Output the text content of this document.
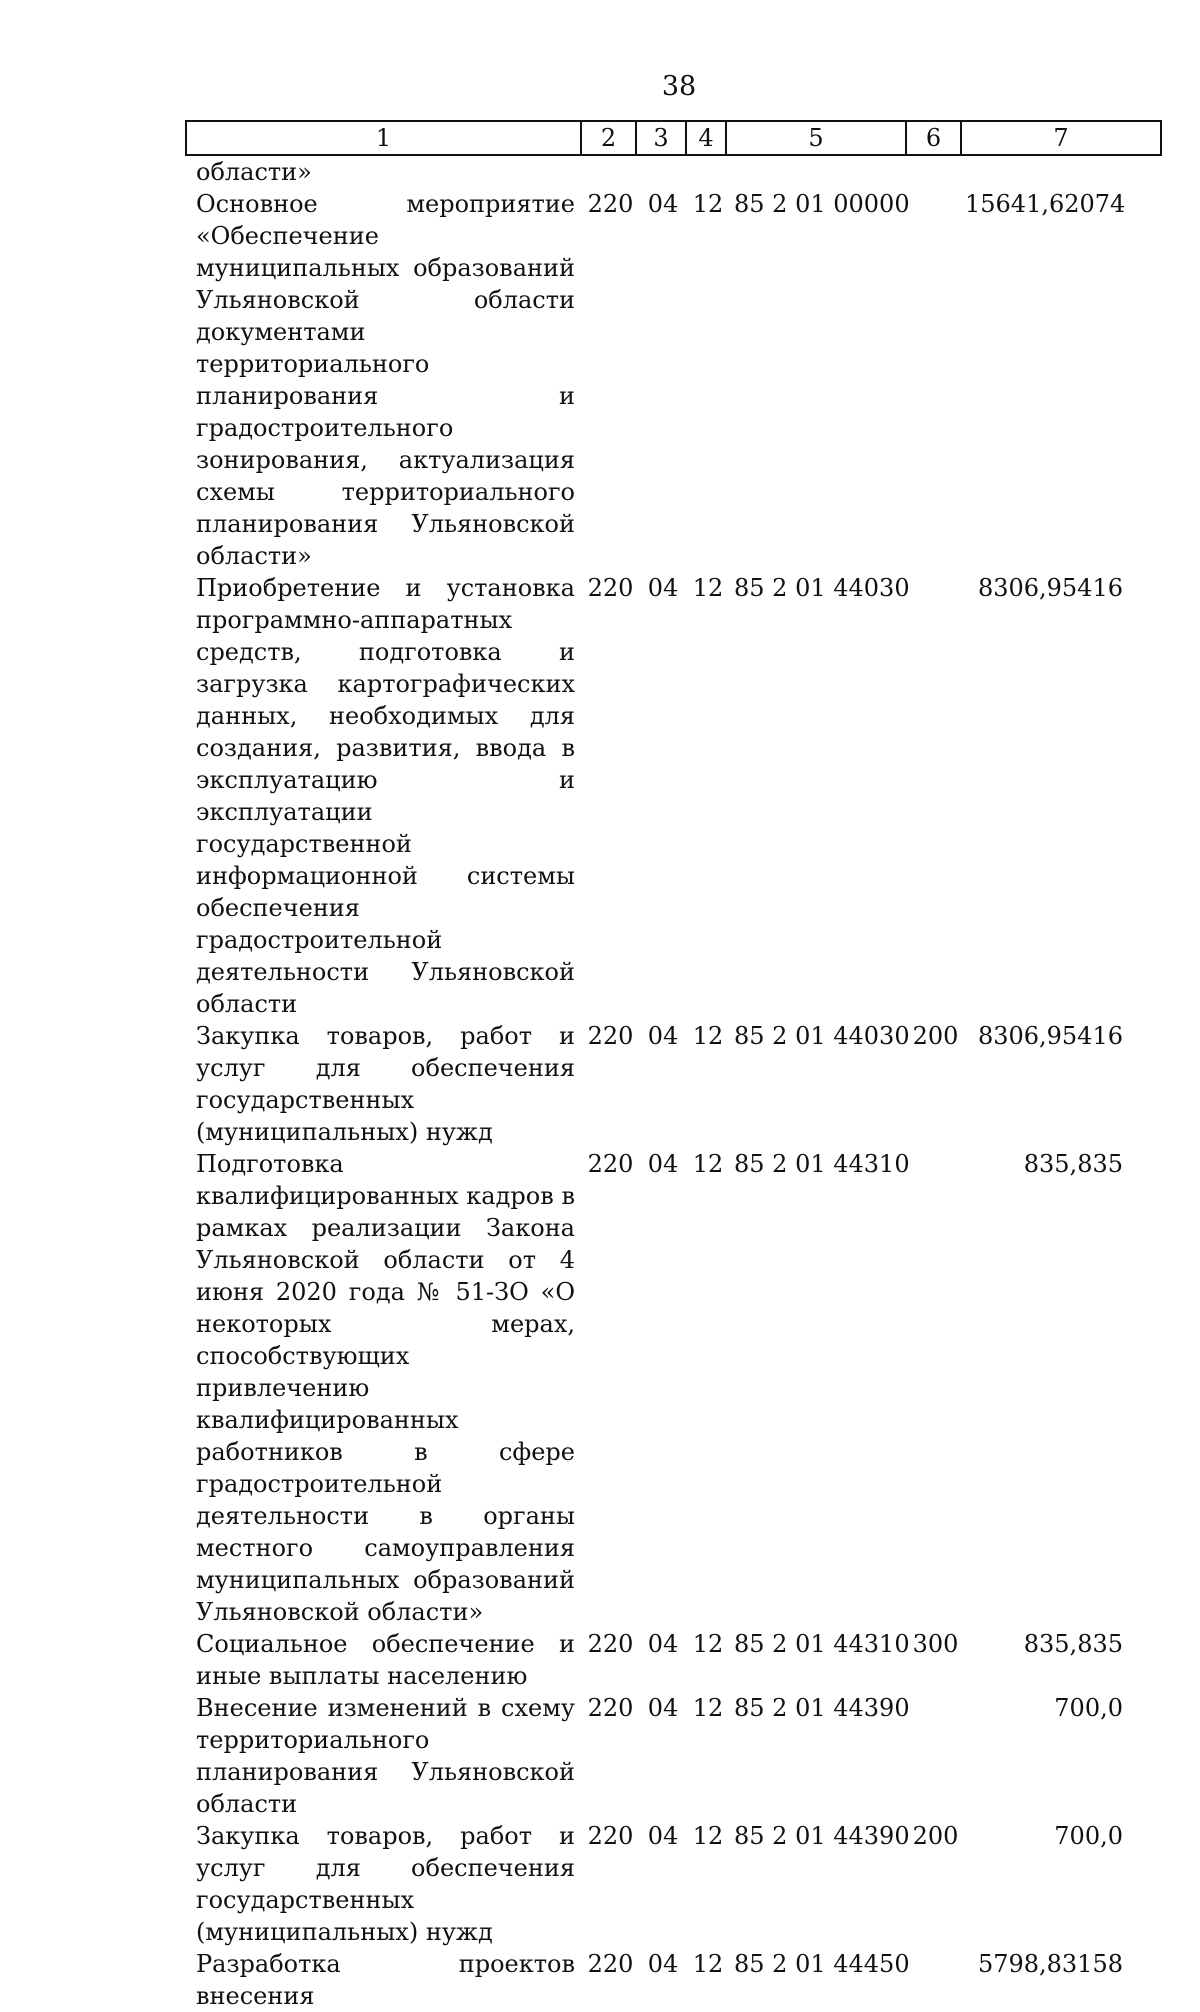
38
1	2	3	4	5	6	7
области»						
Основное мероприятие «Обеспечение муниципальных образований Ульяновской области документами территориального планирования и градостроительного зонирования, актуализация схемы территориального планирования Ульяновской области»	220	04	12	85 2 01 00000		15641,62074
Приобретение и установка программно-аппаратных средств, подготовка и загрузка картографических данных, необходимых для создания, развития, ввода в эксплуатацию и эксплуатации государственной информационной системы обеспечения градостроительной деятельности Ульяновской области	220	04	12	85 2 01 44030		8306,95416
Закупка товаров, работ и услуг для обеспечения государственных (муниципальных) нужд	220	04	12	85 2 01 44030	200	8306,95416
Подготовка квалифицированных кадров в рамках реализации Закона Ульяновской области от 4 июня 2020 года № 51-ЗО «О некоторых мерах, способствующих привлечению квалифицированных работников в сфере градостроительной деятельности в органы местного самоуправления муниципальных образований Ульяновской области»	220	04	12	85 2 01 44310		835,835
Социальное обеспечение и иные выплаты населению	220	04	12	85 2 01 44310	300	835,835
Внесение изменений в схему территориального планирования Ульяновской области	220	04	12	85 2 01 44390		700,0
Закупка товаров, работ и услуг для обеспечения государственных (муниципальных) нужд	220	04	12	85 2 01 44390	200	700,0
Разработка проектов внесения	220	04	12	85 2 01 44450		5798,83158
